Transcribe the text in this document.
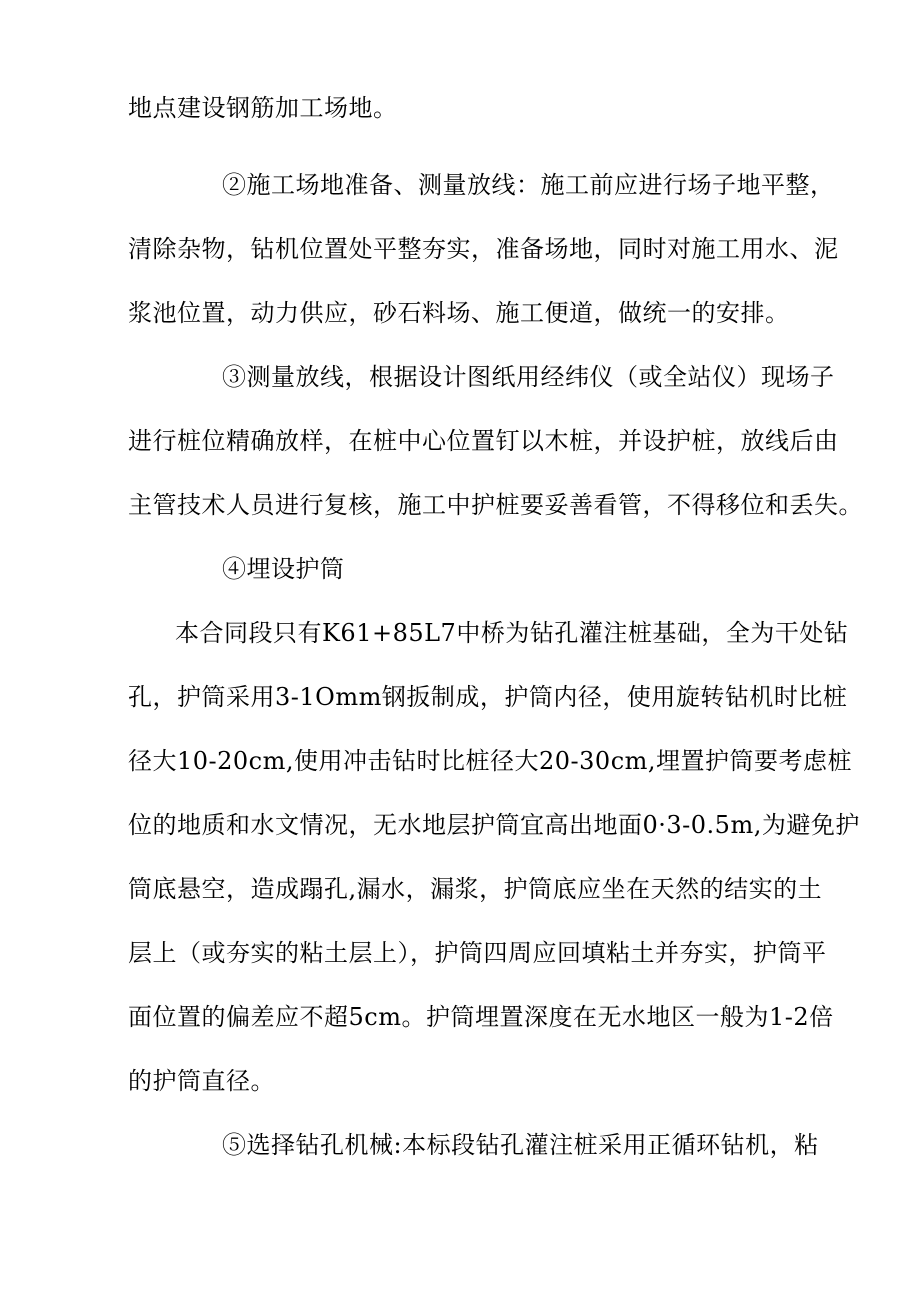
地点建设钢筋加工场地。
②施工场地准备、测量放线：施工前应进行场子地平整，
清除杂物，钻机位置处平整夯实，准备场地，同时对施工用水、泥
浆池位置，动力供应，砂石料场、施工便道，做统一的安排。
③测量放线，根据设计图纸用经纬仪（或全站仪）现场子
进行桩位精确放样，在桩中心位置钉以木桩，并设护桩，放线后由
主管技术人员进行复核，施工中护桩要妥善看管，不得移位和丢失。
④埋设护筒
本合同段只有K61+85L7中桥为钻孔灌注桩基础，全为干处钻
孔，护筒采用3-1Omm钢扳制成，护筒内径，使用旋转钻机时比桩
径大10-20cm,使用冲击钻时比桩径大20-30cm,埋置护筒要考虑桩
位的地质和水文情况，无水地层护筒宜高出地面0·3-0.5m,为避免护
筒底悬空，造成蹋孔,漏水，漏浆，护筒底应坐在天然的结实的土
层上（或夯实的粘土层上），护筒四周应回填粘土并夯实，护筒平
面位置的偏差应不超5cm。护筒埋置深度在无水地区一般为1-2倍
的护筒直径。
⑤选择钻孔机械:本标段钻孔灌注桩采用正循环钻机，粘
